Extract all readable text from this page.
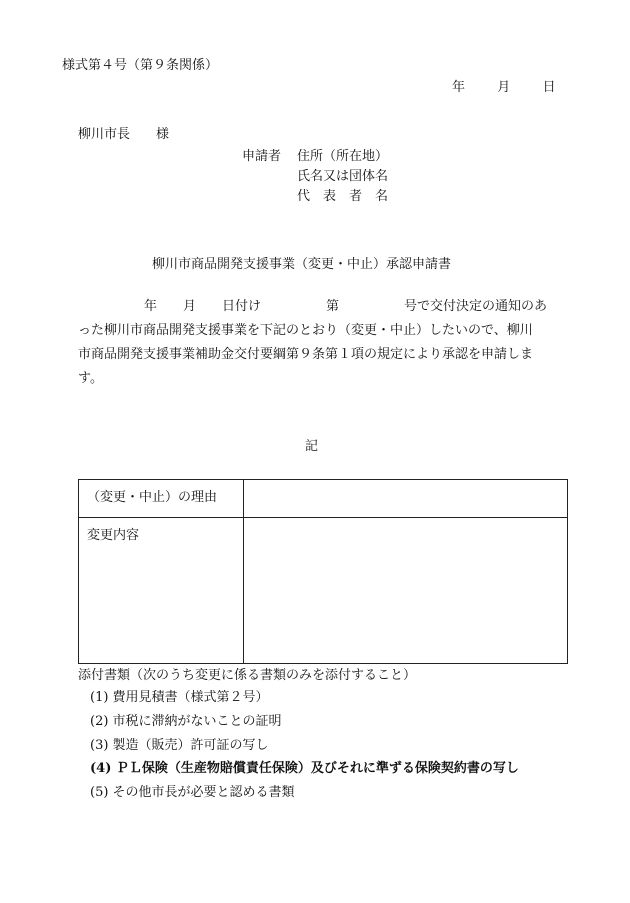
様式第４号（第９条関係）
年 月 日
柳川市長　　様
申請者 住所（所在地）
氏名又は団体名
代　表　者　名
柳川市商品開発支援事業（変更・中止）承認申請書
年　　月　　日付け　　　　　第　　　　　号で交付決定の通知のあ
った柳川市商品開発支援事業を下記のとおり（変更・中止）したいので、柳川
市商品開発支援事業補助金交付要綱第９条第１項の規定により承認を申請しま
す。
記
（変更・中止）の理由	
変更内容	
添付書類（次のうち変更に係る書類のみを添付すること）
(1) 費用見積書（様式第２号）
(2) 市税に滞納がないことの証明
(3) 製造（販売）許可証の写し
(4) ＰＬ保険（生産物賠償責任保険）及びそれに準ずる保険契約書の写し
(5) その他市長が必要と認める書類
